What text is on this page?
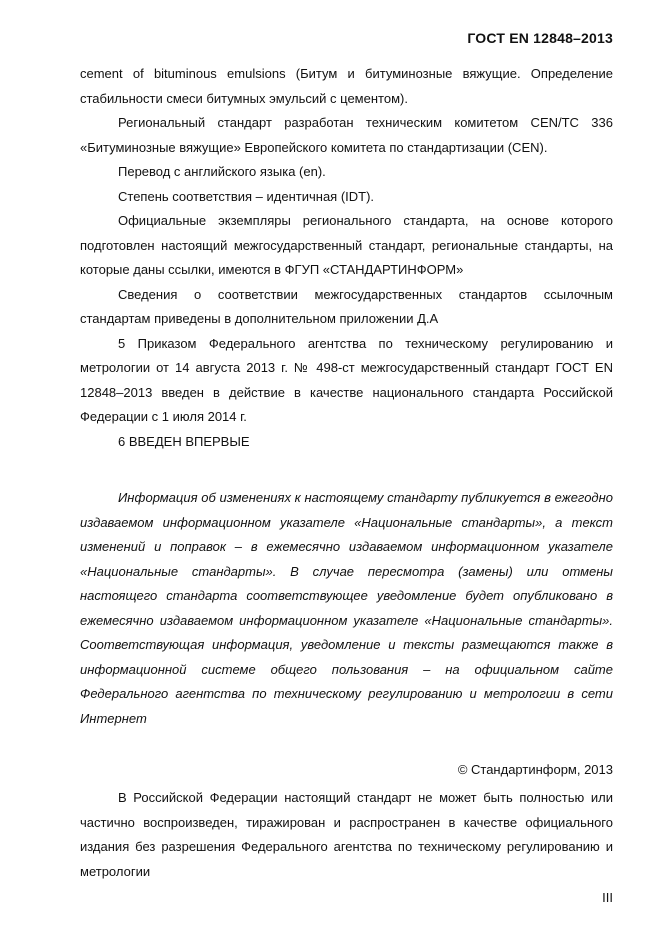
ГОСТ EN 12848–2013

cement of bituminous emulsions (Битум и битуминозные вяжущие. Определение стабильности смеси битумных эмульсий с цементом).

Региональный стандарт разработан техническим комитетом CEN/TC 336 «Битуминозные вяжущие» Европейского комитета по стандартизации (CEN).

Перевод с английского языка (en).

Степень соответствия – идентичная (IDT).

Официальные экземпляры регионального стандарта, на основе которого подготовлен настоящий межгосударственный стандарт, региональные стандарты, на которые даны ссылки, имеются в ФГУП «СТАНДАРТИНФОРМ»

Сведения о соответствии межгосударственных стандартов ссылочным стандартам приведены в дополнительном приложении Д.А

5 Приказом Федерального агентства по техническому регулированию и метрологии от 14 августа 2013 г. № 498-ст межгосударственный стандарт ГОСТ EN 12848–2013 введен в действие в качестве национального стандарта Российской Федерации с 1 июля 2014 г.

6 ВВЕДЕН ВПЕРВЫЕ

Информация об изменениях к настоящему стандарту публикуется в ежегодно издаваемом информационном указателе «Национальные стандарты», а текст изменений и поправок – в ежемесячно издаваемом информационном указателе «Национальные стандарты». В случае пересмотра (замены) или отмены настоящего стандарта соответствующее уведомление будет опубликовано в ежемесячно издаваемом информационном указателе «Национальные стандарты». Соответствующая информация, уведомление и тексты размещаются также в информационной системе общего пользования – на официальном сайте Федерального агентства по техническому регулированию и метрологии в сети Интернет

© Стандартинформ, 2013

В Российской Федерации настоящий стандарт не может быть полностью или частично воспроизведен, тиражирован и распространен в качестве официального издания без разрешения Федерального агентства по техническому регулированию и метрологии

III
